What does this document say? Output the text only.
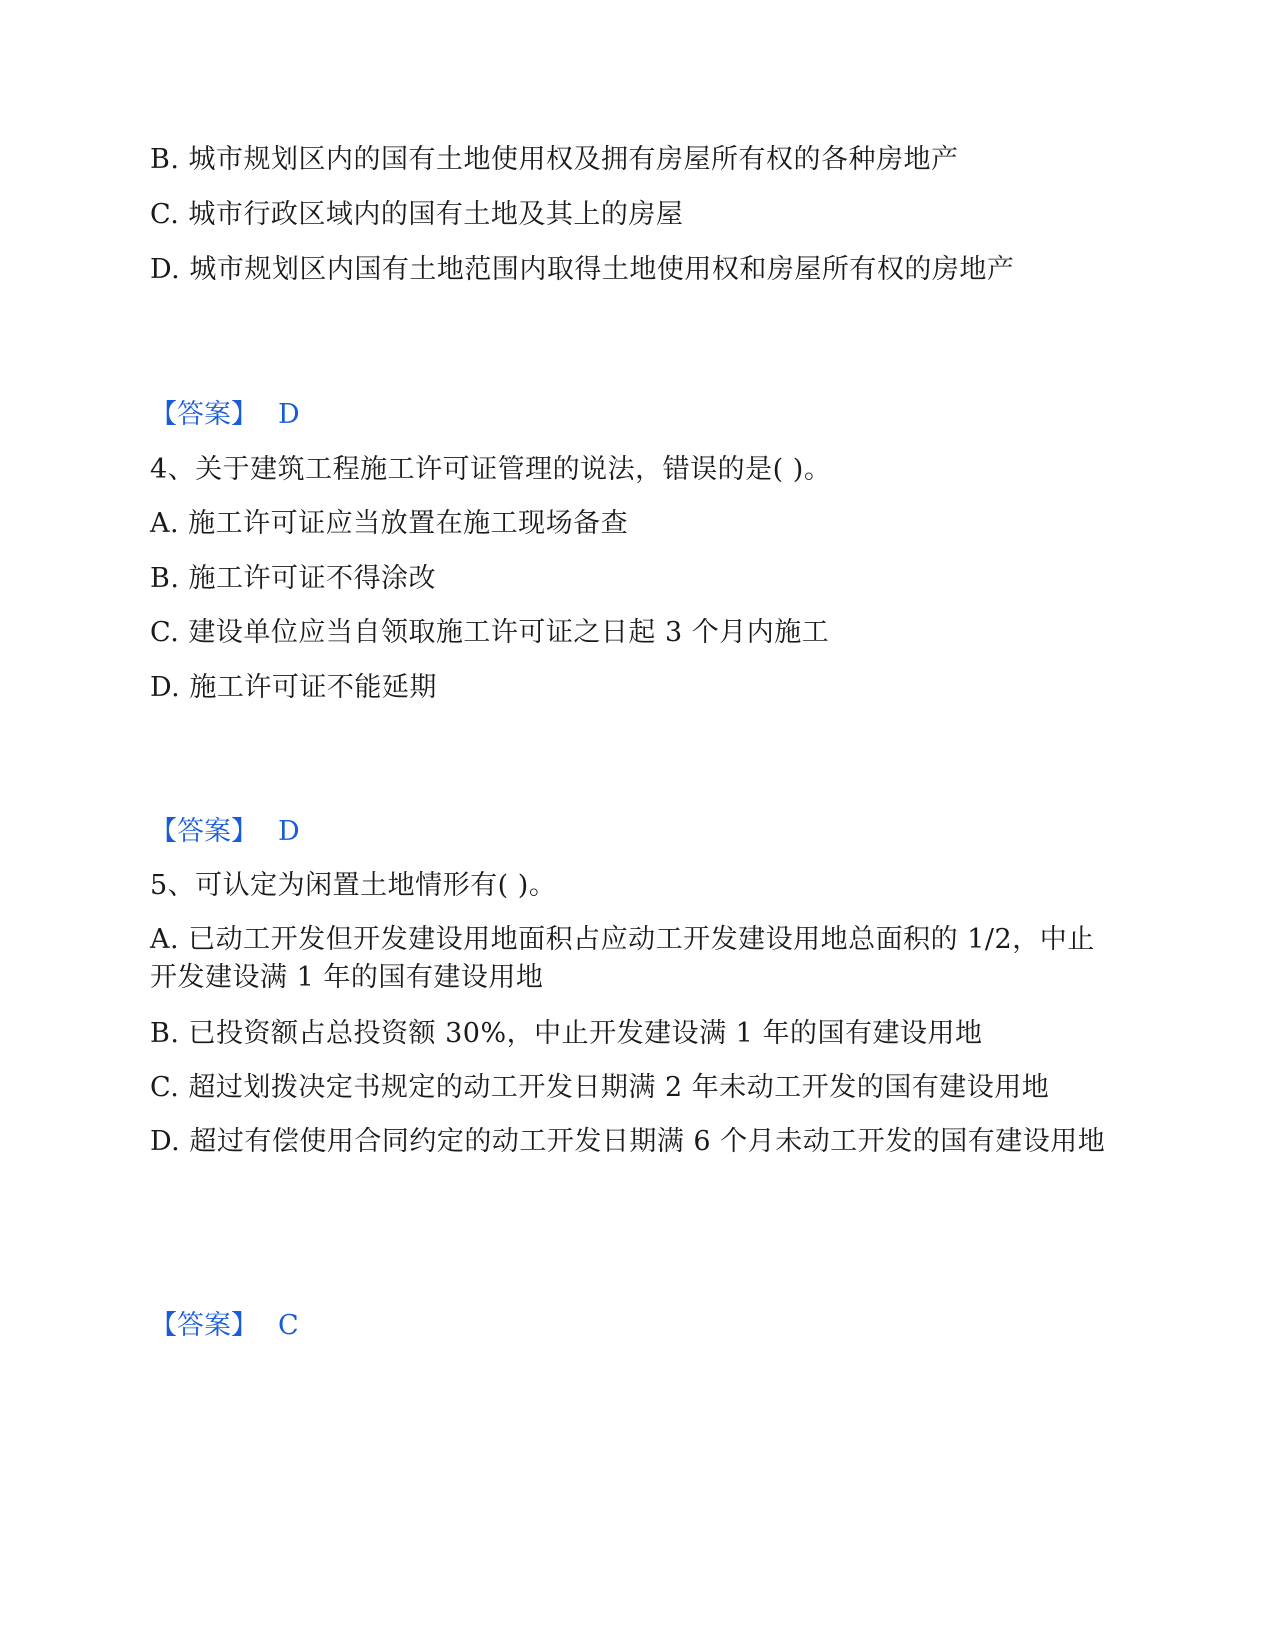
B. 城市规划区内的国有土地使用权及拥有房屋所有权的各种房地产
C. 城市行政区域内的国有土地及其上的房屋
D. 城市规划区内国有土地范围内取得土地使用权和房屋所有权的房地产
【答案】 D
4、关于建筑工程施工许可证管理的说法，错误的是( )。
A. 施工许可证应当放置在施工现场备查
B. 施工许可证不得涂改
C. 建设单位应当自领取施工许可证之日起 3 个月内施工
D. 施工许可证不能延期
【答案】 D
5、可认定为闲置土地情形有( )。
A. 已动工开发但开发建设用地面积占应动工开发建设用地总面积的 1/2，中止开发建设满 1 年的国有建设用地
B. 已投资额占总投资额 30%，中止开发建设满 1 年的国有建设用地
C. 超过划拨决定书规定的动工开发日期满 2 年未动工开发的国有建设用地
D. 超过有偿使用合同约定的动工开发日期满 6 个月未动工开发的国有建设用地
【答案】 C
